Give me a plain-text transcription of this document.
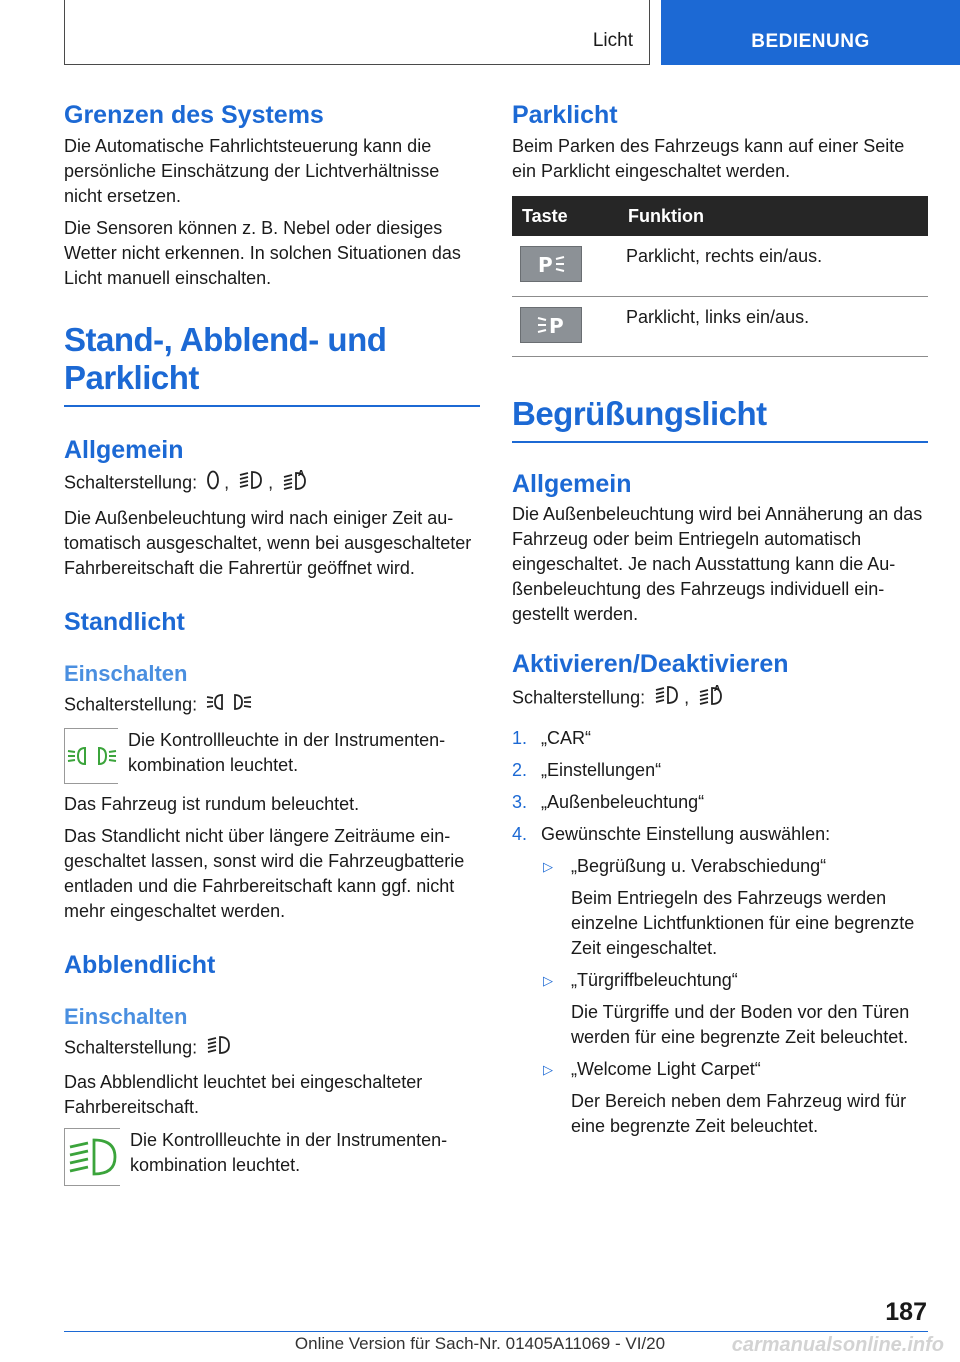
Licht	BEDIENUNG
Grenzen des Systems

Die Automatische Fahrlichtsteuerung kann die persönliche Einschätzung der Lichtverhältnisse nicht ersetzen.

Die Sensoren können z. B. Nebel oder diesiges Wetter nicht erkennen. In solchen Situationen das Licht manuell einschalten.

Stand-, Abblend- und
Parklicht
Allgemein

Schalterstellung: , ,	A

Die Außenbeleuchtung wird nach einiger Zeit automatisch ausgeschaltet, wenn bei ausgeschalteter Fahrbereitschaft die Fahrertür geöffnet wird.

Standlicht
Einschalten

Schalterstellung:

Die Kontrollleuchte in der Instrumentenkombination leuchtet.

Das Fahrzeug ist rundum beleuchtet.

Das Standlicht nicht über längere Zeiträume eingeschaltet lassen, sonst wird die Fahrzeugbatterie entladen und die Fahrbereitschaft kann ggf. nicht mehr eingeschaltet werden.

Abblendlicht
Einschalten

Schalterstellung:

Das Abblendlicht leuchtet bei eingeschalteter Fahrbereitschaft.

Die Kontrollleuchte in der Instrumentenkombination leuchtet.

Parklicht

Beim Parken des Fahrzeugs kann auf einer Seite ein Parklicht eingeschaltet werden.

Taste	Funktion

P	Parklicht, rechts ein/aus.

P	Parklicht, links ein/aus.
Begrüßungslicht
Allgemein

Die Außenbeleuchtung wird bei Annäherung an das Fahrzeug oder beim Entriegeln automatisch eingeschaltet. Je nach Ausstattung kann die Außenbeleuchtung des Fahrzeugs individuell eingestellt werden.

Aktivieren/Deaktivieren

Schalterstellung: ,	A

1. „CAR“
2. „Einstellungen“
3. „Außenbeleuchtung“
4. Gewünschte Einstellung auswählen:
▷ „Begrüßung u. Verabschiedung“
Beim Entriegeln des Fahrzeugs werden einzelne Lichtfunktionen für eine begrenzte Zeit eingeschaltet.
▷ „Türgriffbeleuchtung“
Die Türgriffe und der Boden vor den Türen werden für eine begrenzte Zeit beleuchtet.
▷ „Welcome Light Carpet“
Der Bereich neben dem Fahrzeug wird für eine begrenzte Zeit beleuchtet.
187
Online Version für Sach-Nr. 01405A11069 - VI/20	carmanualsonline.info
